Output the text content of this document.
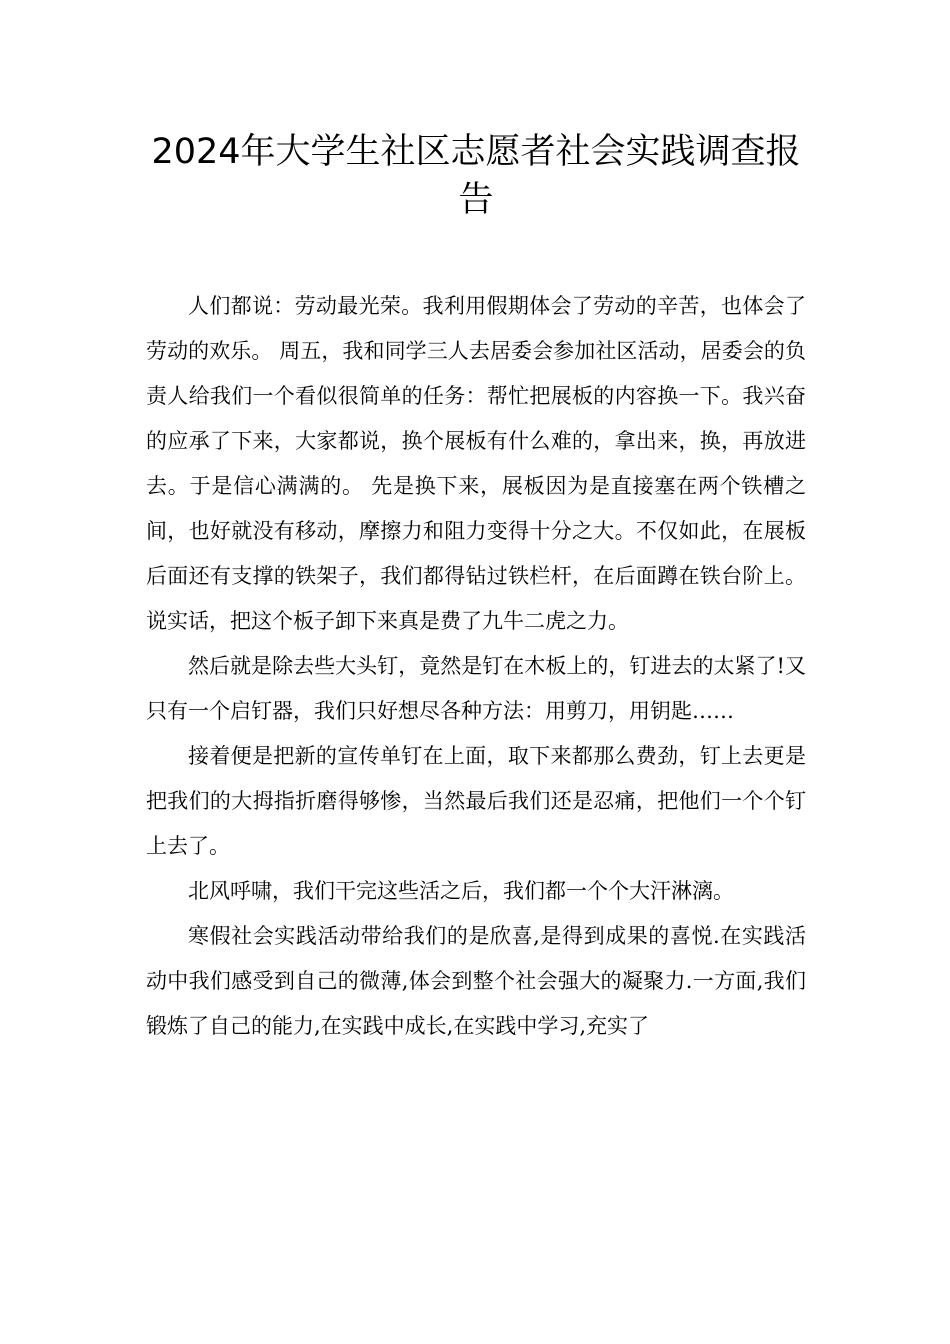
2024年大学生社区志愿者社会实践调查报告

人们都说：劳动最光荣。我利用假期体会了劳动的辛苦，也体会了劳动的欢乐。 周五，我和同学三人去居委会参加社区活动，居委会的负责人给我们一个看似很简单的任务：帮忙把展板的内容换一下。我兴奋的应承了下来，大家都说，换个展板有什么难的，拿出来，换，再放进去。于是信心满满的。 先是换下来，展板因为是直接塞在两个铁槽之间，也好就没有移动，摩擦力和阻力变得十分之大。不仅如此，在展板后面还有支撑的铁架子，我们都得钻过铁栏杆，在后面蹲在铁台阶上。说实话，把这个板子卸下来真是费了九牛二虎之力。

然后就是除去些大头钉，竟然是钉在木板上的，钉进去的太紧了!又只有一个启钉器，我们只好想尽各种方法：用剪刀，用钥匙……

接着便是把新的宣传单钉在上面，取下来都那么费劲，钉上去更是把我们的大拇指折磨得够惨，当然最后我们还是忍痛，把他们一个个钉上去了。

北风呼啸，我们干完这些活之后，我们都一个个大汗淋漓。

寒假社会实践活动带给我们的是欣喜,是得到成果的喜悦.在实践活动中我们感受到自己的微薄,体会到整个社会强大的凝聚力.一方面,我们锻炼了自己的能力,在实践中成长,在实践中学习,充实了
